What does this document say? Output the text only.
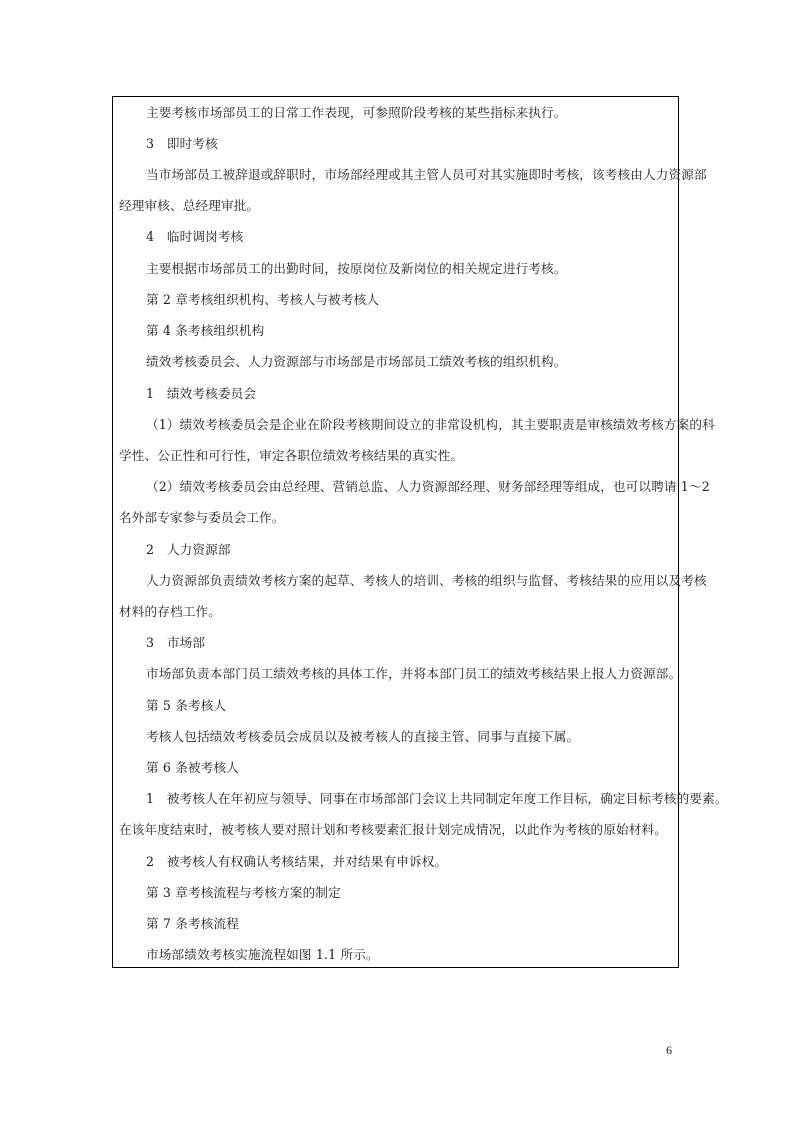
主要考核市场部员工的日常工作表现，可参照阶段考核的某些指标来执行。
3　即时考核
当市场部员工被辞退或辞职时，市场部经理或其主管人员可对其实施即时考核，该考核由人力资源部
经理审核、总经理审批。
4　临时调岗考核
主要根据市场部员工的出勤时间，按原岗位及新岗位的相关规定进行考核。
第 2 章考核组织机构、考核人与被考核人
第 4 条考核组织机构
绩效考核委员会、人力资源部与市场部是市场部员工绩效考核的组织机构。
1　绩效考核委员会
（1）绩效考核委员会是企业在阶段考核期间设立的非常设机构，其主要职责是审核绩效考核方案的科
学性、公正性和可行性，审定各职位绩效考核结果的真实性。
（2）绩效考核委员会由总经理、营销总监、人力资源部经理、财务部经理等组成，也可以聘请 1～2
名外部专家参与委员会工作。
2　人力资源部
人力资源部负责绩效考核方案的起草、考核人的培训、考核的组织与监督、考核结果的应用以及考核
材料的存档工作。
3　市场部
市场部负责本部门员工绩效考核的具体工作，并将本部门员工的绩效考核结果上报人力资源部。
第 5 条考核人
考核人包括绩效考核委员会成员以及被考核人的直接主管、同事与直接下属。
第 6 条被考核人
1　被考核人在年初应与领导、同事在市场部部门会议上共同制定年度工作目标，确定目标考核的要素。
在该年度结束时，被考核人要对照计划和考核要素汇报计划完成情况，以此作为考核的原始材料。
2　被考核人有权确认考核结果，并对结果有申诉权。
第 3 章考核流程与考核方案的制定
第 7 条考核流程
市场部绩效考核实施流程如图 1.1 所示。
6
